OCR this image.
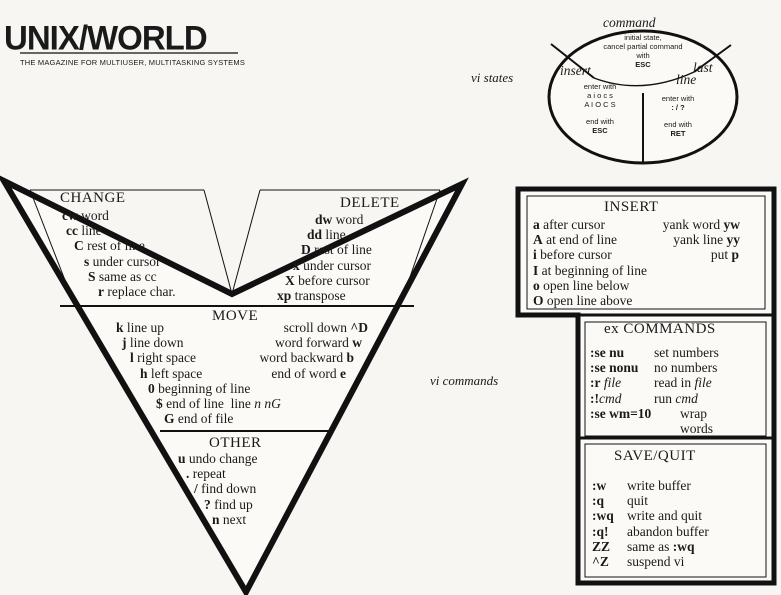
UNIX/WORLD
THE MAGAZINE FOR MULTIUSER, MULTITASKING SYSTEMS
vi states
vi commands
command
initial state,
cancel partial command
with
ESC
insert
enter with
a i o c s
A I O C S
end with
ESC
last
line
enter with
: / ?
end with
RET
CHANGE
cw word
cc line
C rest of line
s under cursor
S same as cc
r replace char.
DELETE
dw word
dd line
D rest of line
x under cursor
X before cursor
xp transpose
MOVE
k line up
j line down
l right space
h left space
scroll down ^D
word forward w
word backward b
end of word e
0 beginning of line
$ end of line line n nG
G end of file
OTHER
u undo change
. repeat
/ find down
? find up
n next
INSERT
a after cursor
A at end of line
i before cursor
I at beginning of line
o open line below
O open line above
yank word yw
yank line yy
put p
ex COMMANDS
:se nu
:se nonu
:r file
:!cmd
:se wm=10
set numbers
no numbers
read in file
run cmd
wrap
words
SAVE/QUIT
:w
:q
:wq
:q!
ZZ
^Z
write buffer
quit
write and quit
abandon buffer
same as :wq
suspend vi
